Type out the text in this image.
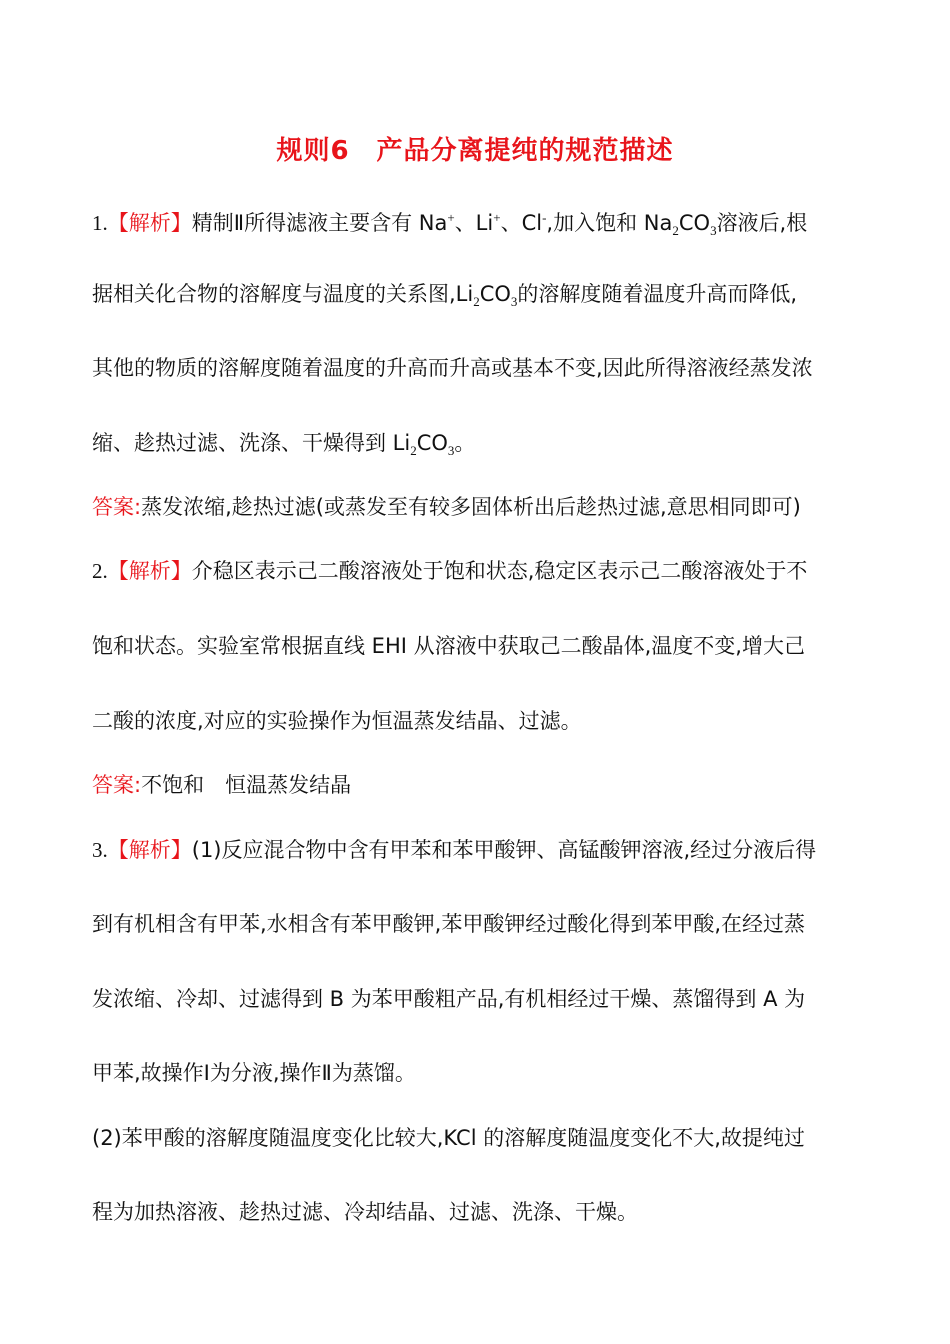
规则6　产品分离提纯的规范描述
1.【解析】精制Ⅱ所得滤液主要含有 Na+、Li+、Cl-,加入饱和 $Na_2CO_3$溶液后,根
据相关化合物的溶解度与温度的关系图$,Li_2CO_3$的溶解度随着温度升高而降低,
其他的物质的溶解度随着温度的升高而升高或基本不变,因此所得溶液经蒸发浓
缩、趁热过滤、洗涤、干燥得到 $Li_2CO_3$。
答案:蒸发浓缩,趁热过滤(或蒸发至有较多固体析出后趁热过滤,意思相同即可)
2.【解析】介稳区表示己二酸溶液处于饱和状态,稳定区表示己二酸溶液处于不
饱和状态。实验室常根据直线 EHI 从溶液中获取己二酸晶体,温度不变,增大己
二酸的浓度,对应的实验操作为恒温蒸发结晶、过滤。
答案:不饱和　恒温蒸发结晶
3.【解析】(1)反应混合物中含有甲苯和苯甲酸钾、高锰酸钾溶液,经过分液后得
到有机相含有甲苯,水相含有苯甲酸钾,苯甲酸钾经过酸化得到苯甲酸,在经过蒸
发浓缩、冷却、过滤得到 B 为苯甲酸粗产品,有机相经过干燥、蒸馏得到 A 为
甲苯,故操作Ⅰ为分液,操作Ⅱ为蒸馏。
(2)苯甲酸的溶解度随温度变化比较大,KCl 的溶解度随温度变化不大,故提纯过
程为加热溶液、趁热过滤、冷却结晶、过滤、洗涤、干燥。
